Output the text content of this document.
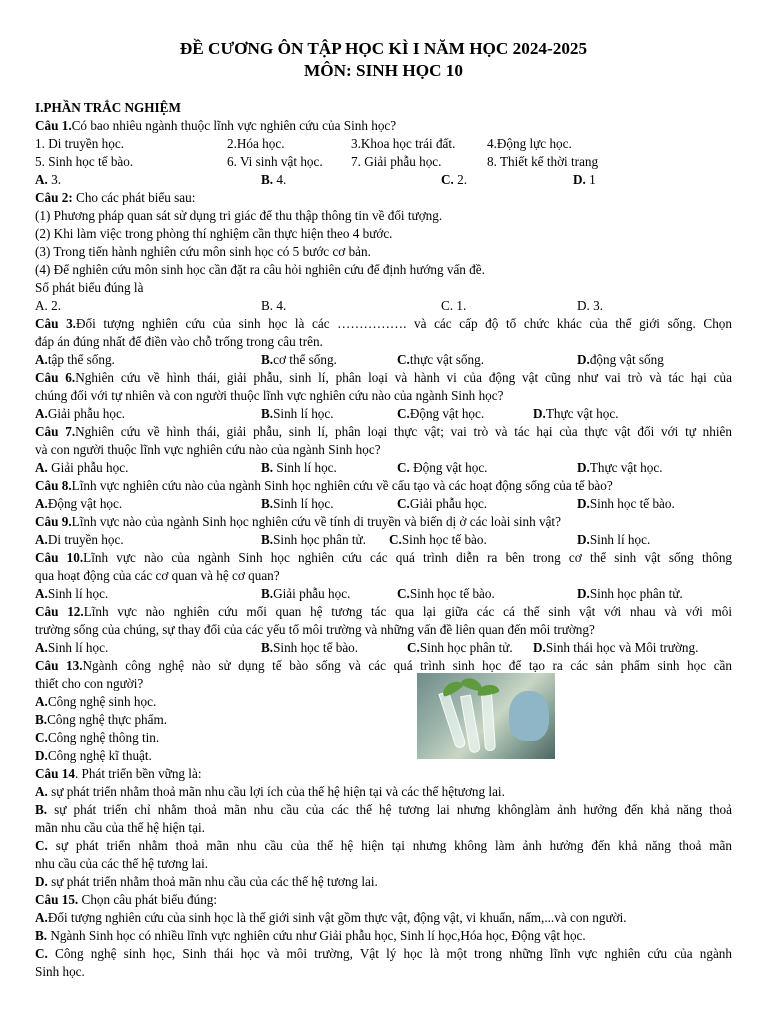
ĐỀ CƯƠNG ÔN TẬP HỌC KÌ I NĂM HỌC 2024-2025
MÔN: SINH HỌC 10
I.PHẦN TRẮC NGHIỆM
Câu 1.Có bao nhiêu ngành thuộc lĩnh vực nghiên cứu của Sinh học?
1. Di truyền học.	2.Hóa học.	3.Khoa học trái đất. 4.Động lực học.
5. Sinh học tế bào.	6. Vi sinh vật học. 7. Giải phẫu học.	8. Thiết kế thời trang
A. 3.	B. 4.	C. 2.	D. 1
Câu 2: Cho các phát biểu sau:
(1) Phương pháp quan sát sử dụng tri giác để thu thập thông tin về đối tượng.
(2) Khi làm việc trong phòng thí nghiệm cần thực hiện theo 4 bước.
(3) Trong tiến hành nghiên cứu môn sinh học có 5 bước cơ bản.
(4) Để nghiên cứu môn sinh học cần đặt ra câu hỏi nghiên cứu để định hướng vấn đề.
Số phát biểu đúng là
A. 2.	B. 4.	C. 1.	D. 3.
Câu 3.Đối tượng nghiên cứu của sinh học là các ……………. và các cấp độ tổ chức khác của thế giới sống. Chọn
đáp án đúng nhất để điền vào chỗ trống trong câu trên.
A.tập thể sống.	B.cơ thể sống.	C.thực vật sống.	D.động vật sống
Câu 6.Nghiên cứu về hình thái, giải phẫu, sinh lí, phân loại và hành vi của động vật cũng như vai trò và tác hại của
chúng đối với tự nhiên và con người thuộc lĩnh vực nghiên cứu nào của ngành Sinh học?
A.Giải phẫu học.	B.Sinh lí học.	C.Động vật học.	D.Thực vật học.
Câu 7.Nghiên cứu về hình thái, giải phẫu, sinh lí, phân loại thực vật; vai trò và tác hại của thực vật đối với tự nhiên
và con người thuộc lĩnh vực nghiên cứu nào của ngành Sinh học?
A. Giải phẫu học.	B. Sinh lí học.	C. Động vật học.	D.Thực vật học.
Câu 8.Lĩnh vực nghiên cứu nào của ngành Sinh học nghiên cứu về cấu tạo và các hoạt động sống của tế bào?
A.Động vật học.	B.Sinh lí học.	C.Giải phẫu học.	D.Sinh học tế bào.
Câu 9.Lĩnh vực nào của ngành Sinh học nghiên cứu về tính di truyền và biến dị ở các loài sinh vật?
A.Di truyền học.	B.Sinh học phân tử. C.Sinh học tế bào.	D.Sinh lí học.
Câu 10.Lĩnh vực nào của ngành Sinh học nghiên cứu các quá trình diễn ra bên trong cơ thể sinh vật sống thông
qua hoạt động của các cơ quan và hệ cơ quan?
A.Sinh lí học.	B.Giải phẫu học.	C.Sinh học tế bào.	D.Sinh học phân tử.
Câu 12.Lĩnh vực nào nghiên cứu mối quan hệ tương tác qua lại giữa các cá thể sinh vật với nhau và với môi
trường sống của chúng, sự thay đổi của các yếu tố môi trường và những vấn đề liên quan đến môi trường?
A.Sinh lí học.	B.Sinh học tế bào.	C.Sinh học phân tử. D.Sinh thái học và Môi trường.
Câu 13.Ngành công nghệ nào sử dụng tế bào sống và các quá trình sinh học để tạo ra các sản phẩm sinh học cần
thiết cho con người?
A.Công nghệ sinh học.
B.Công nghệ thực phẩm.
C.Công nghệ thông tin.
D.Công nghệ kĩ thuật.
Câu 14. Phát triển bền vững là:
A. sự phát triển nhằm thoả mãn nhu cầu lợi ích của thế hệ hiện tại và các thế hệtương lai.
B. sự phát triển chỉ nhằm thoả mãn nhu cầu của các thế hệ tương lai nhưng khônglàm ảnh hưởng đến khả năng thoả
mãn nhu cầu của thế hệ hiện tại.
C. sự phát triển nhằm thoả mãn nhu cầu của thế hệ hiện tại nhưng không làm ảnh hưởng đến khả năng thoả mãn
nhu cầu của các thế hệ tương lai.
D. sự phát triển nhằm thoả mãn nhu cầu của các thế hệ tương lai.
Câu 15. Chọn câu phát biểu đúng:
A.Đối tượng nghiên cứu của sinh học là thế giới sinh vật gồm thực vật, động vật, vi khuẩn, nấm,...và con người.
B. Ngành Sinh học có nhiều lĩnh vực nghiên cứu như Giải phẫu học, Sinh lí học,Hóa học, Động vật học.
C. Công nghệ sinh học, Sinh thái học và môi trường, Vật lý học là một trong những lĩnh vực nghiên cứu của ngành
Sinh học.
